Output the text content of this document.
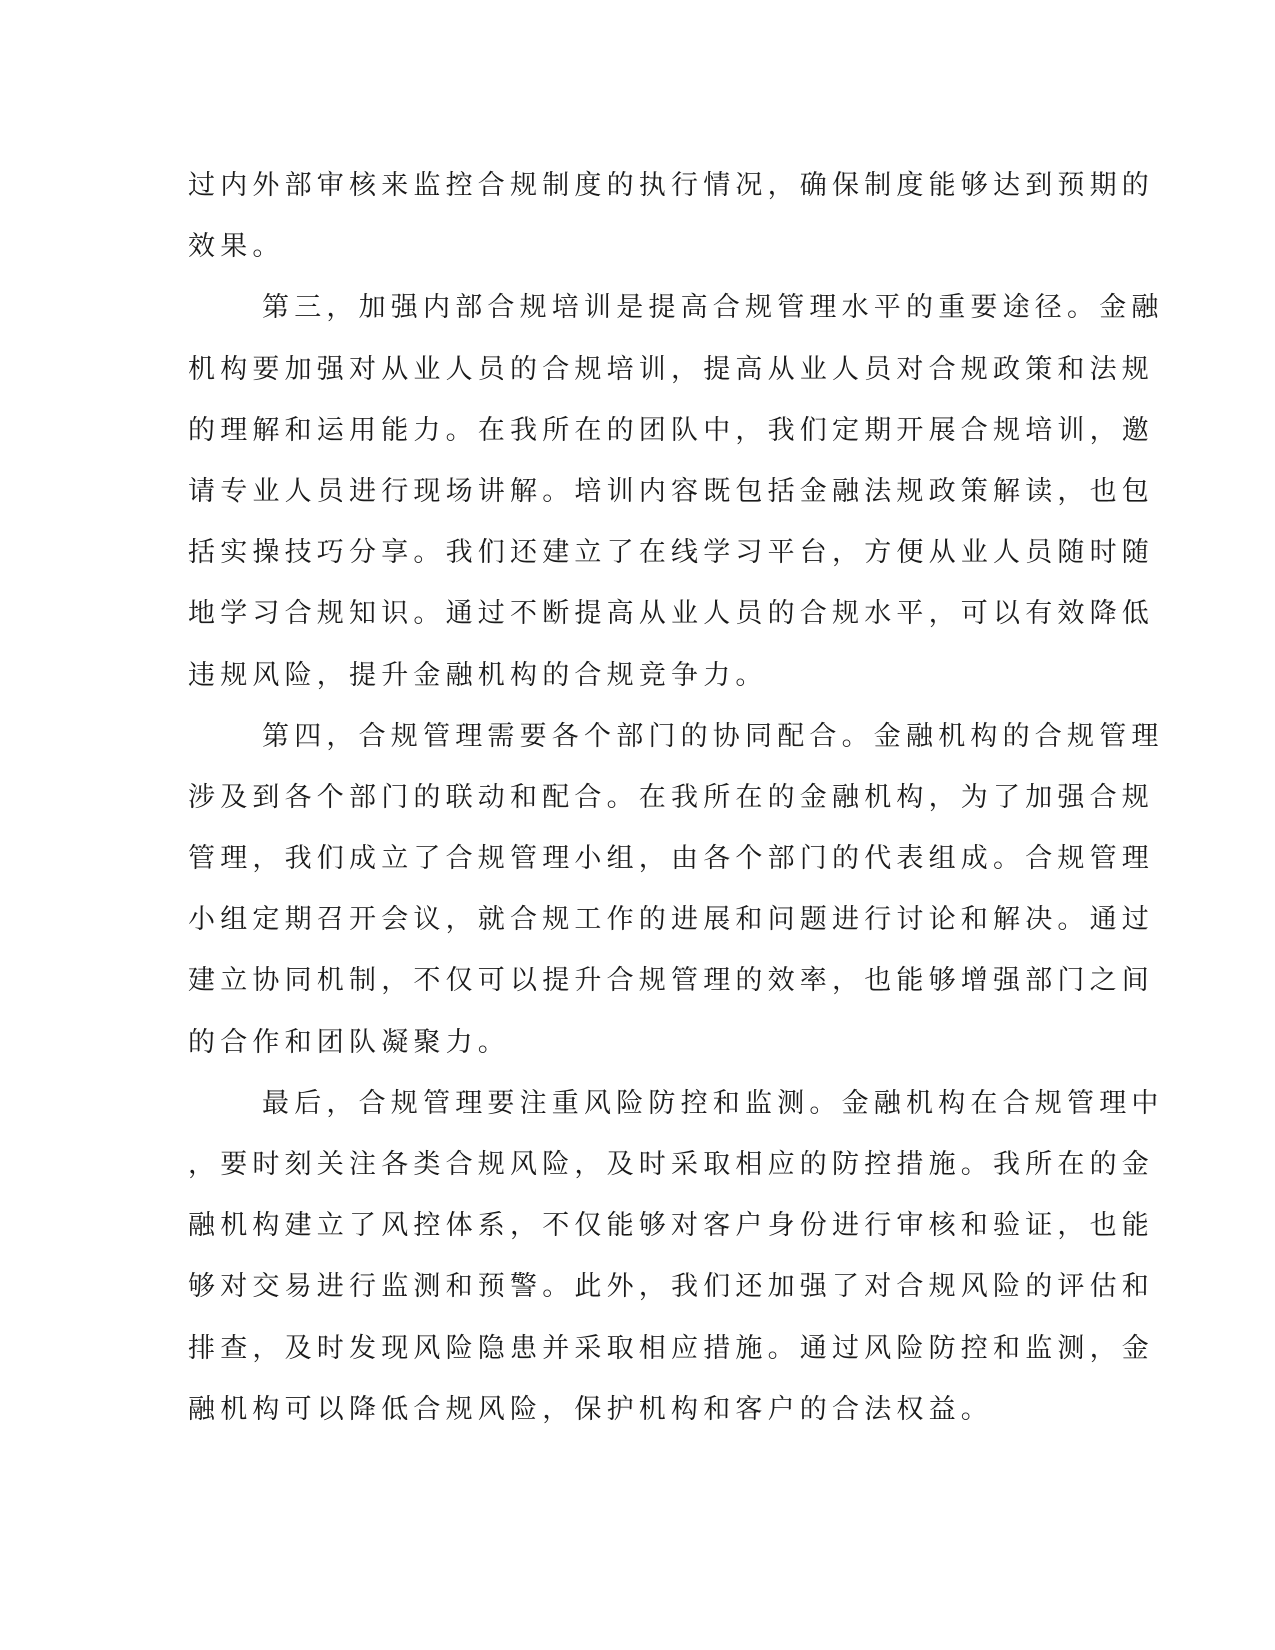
过内外部审核来监控合规制度的执行情况，确保制度能够达到预期的
效果。
第三，加强内部合规培训是提高合规管理水平的重要途径。金融
机构要加强对从业人员的合规培训，提高从业人员对合规政策和法规
的理解和运用能力。在我所在的团队中，我们定期开展合规培训，邀
请专业人员进行现场讲解。培训内容既包括金融法规政策解读，也包
括实操技巧分享。我们还建立了在线学习平台，方便从业人员随时随
地学习合规知识。通过不断提高从业人员的合规水平，可以有效降低
违规风险，提升金融机构的合规竞争力。
第四，合规管理需要各个部门的协同配合。金融机构的合规管理
涉及到各个部门的联动和配合。在我所在的金融机构，为了加强合规
管理，我们成立了合规管理小组，由各个部门的代表组成。合规管理
小组定期召开会议，就合规工作的进展和问题进行讨论和解决。通过
建立协同机制，不仅可以提升合规管理的效率，也能够增强部门之间
的合作和团队凝聚力。
最后，合规管理要注重风险防控和监测。金融机构在合规管理中
，要时刻关注各类合规风险，及时采取相应的防控措施。我所在的金
融机构建立了风控体系，不仅能够对客户身份进行审核和验证，也能
够对交易进行监测和预警。此外，我们还加强了对合规风险的评估和
排查，及时发现风险隐患并采取相应措施。通过风险防控和监测，金
融机构可以降低合规风险，保护机构和客户的合法权益。
